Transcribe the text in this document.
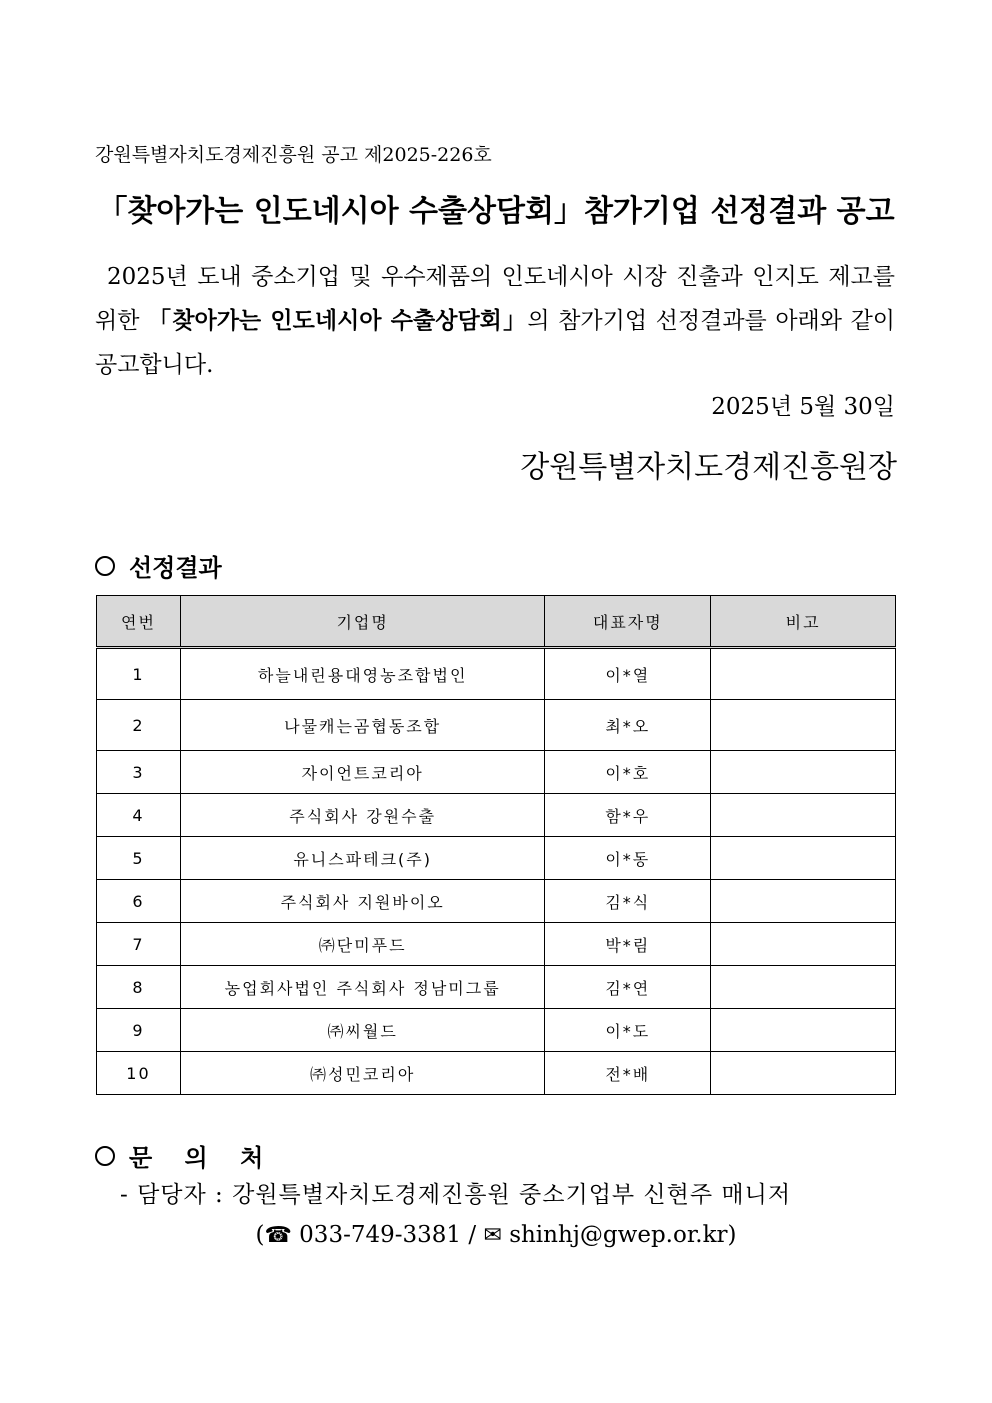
강원특별자치도경제진흥원 공고 제2025-226호
「찾아가는 인도네시아 수출상담회」참가기업 선정결과 공고
2025년 도내 중소기업 및 우수제품의 인도네시아 시장 진출과 인지도 제고를 위한 「찾아가는 인도네시아 수출상담회」의 참가기업 선정결과를 아래와 같이 공고합니다.
2025년 5월 30일
강원특별자치도경제진흥원장
선정결과
연번	기업명	대표자명	비고
1	하늘내린용대영농조합법인	이*열	
2	나물캐는곰협동조합	최*오	
3	자이언트코리아	이*호	
4	주식회사 강원수출	함*우	
5	유니스파테크(주)	이*동	
6	주식회사 지원바이오	김*식	
7	㈜단미푸드	박*림	
8	농업회사법인 주식회사 정남미그룹	김*연	
9	㈜씨월드	이*도	
10	㈜성민코리아	전*배	
문 의 처
- 담당자 : 강원특별자치도경제진흥원 중소기업부 신현주 매니저
(☎ 033-749-3381 / ✉ shinhj@gwep.or.kr)
